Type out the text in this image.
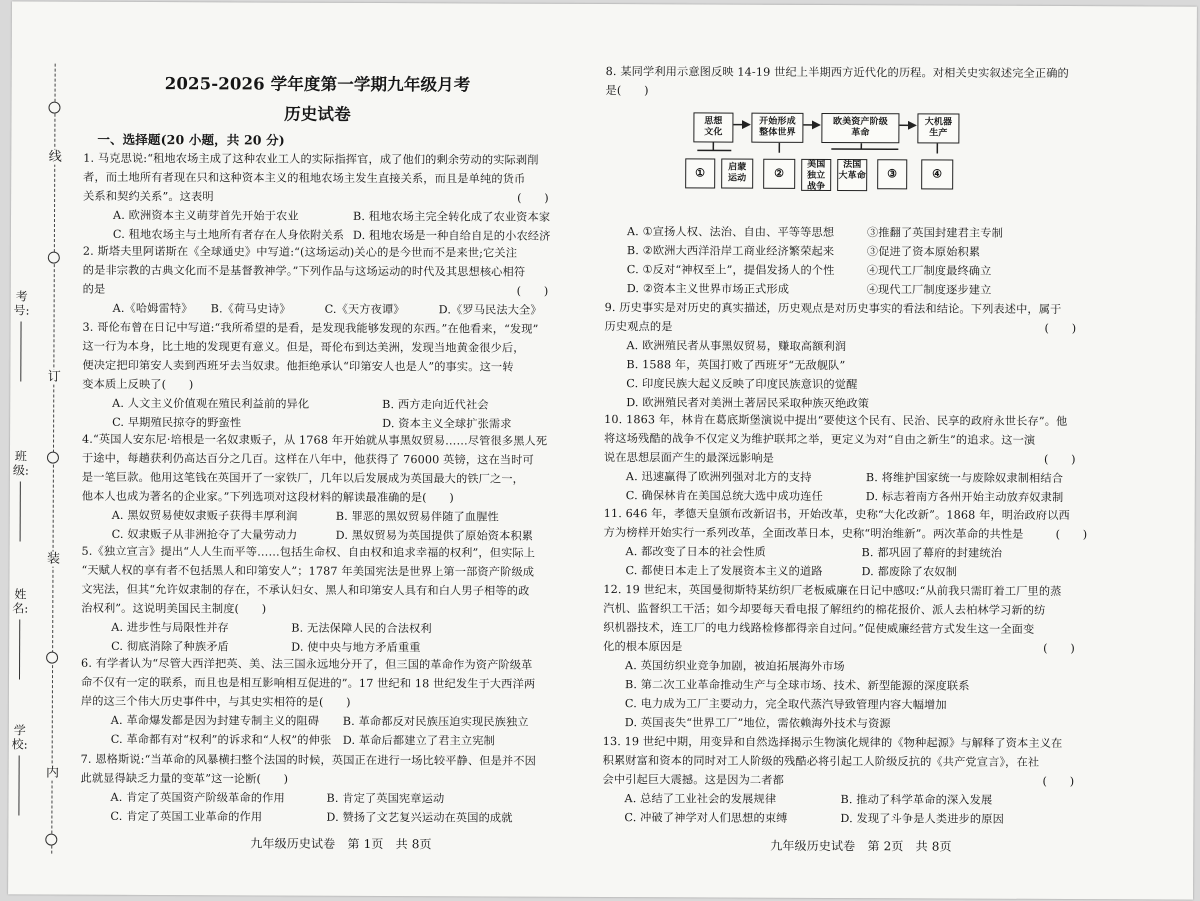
线
订
装
内
考号:
班级:
姓名:
学校:
2025-2026 学年度第一学期九年级月考
历史试卷
一、选择题(20 小题，共 20 分)

1. 马克思说:“租地农场主成了这种农业工人的实际指挥官，成了他们的剩余劳动的实际剥削
者，而土地所有者现在只和这种资本主义的租地农场主发生直接关系，而且是单纯的货币
关系和契约关系”。这表明	(　　)
A. 欧洲资本主义萌芽首先开始于农业	B. 租地农场主完全转化成了农业资本家
C. 租地农场主与土地所有者存在人身依附关系 D. 租地农场是一种自给自足的小农经济

2. 斯塔夫里阿诺斯在《全球通史》中写道:“(这场运动)关心的是今世而不是来世;它关注
的是非宗教的古典文化而不是基督教神学。”下列作品与这场运动的时代及其思想核心相符
的是	(　　)
A.《哈姆雷特》 B.《荷马史诗》	C.《天方夜谭》	D.《罗马民法大全》

3. 哥伦布曾在日记中写道:“我所希望的是看，是发现我能够发现的东西。”在他看来，“发现”
这一行为本身，比土地的发现更有意义。但是，哥伦布到达美洲，发现当地黄金很少后，
便决定把印第安人卖到西班牙去当奴隶。他拒绝承认“印第安人也是人”的事实。这一转
变本质上反映了(　　)

A. 人文主义价值观在殖民利益前的异化	B. 西方走向近代社会
C. 早期殖民掠夺的野蛮性	D. 资本主义全球扩张需求

4.“英国人安东尼·培根是一名奴隶贩子，从 1768 年开始就从事黑奴贸易……尽管很多黑人死
于途中，每趟获利仍高达百分之几百。这样在八年中，他获得了 76000 英镑，这在当时可
是一笔巨款。他用这笔钱在英国开了一家铁厂，几年以后发展成为英国最大的铁厂之一，
他本人也成为著名的企业家。”下列选项对这段材料的解读最准确的是(　　)

A. 黑奴贸易使奴隶贩子获得丰厚利润	B. 罪恶的黑奴贸易伴随了血腥性
C. 奴隶贩子从非洲抢夺了大量劳动力	D. 黑奴贸易为英国提供了原始资本积累

5.《独立宣言》提出“人人生而平等……包括生命权、自由权和追求幸福的权利”，但实际上
“天赋人权的享有者不包括黑人和印第安人”；1787 年美国宪法是世界上第一部资产阶级成
文宪法，但其“允许奴隶制的存在，不承认妇女、黑人和印第安人具有和白人男子相等的政
治权利”。这说明美国民主制度(　　)

A. 进步性与局限性并存	B. 无法保障人民的合法权利
C. 彻底消除了种族矛盾	D. 使中央与地方矛盾重重

6. 有学者认为“尽管大西洋把英、美、法三国永远地分开了，但三国的革命作为资产阶级革
命不仅有一定的联系，而且也是相互影响相互促进的”。17 世纪和 18 世纪发生于大西洋两
岸的这三个伟大历史事件中，与其史实相符的是(　　)

A. 革命爆发都是因为封建专制主义的阻碍 B. 革命都反对民族压迫实现民族独立
C. 革命都有对“权利”的诉求和“人权”的伸张 D. 革命后都建立了君主立宪制

7. 恩格斯说:“当革命的风暴横扫整个法国的时候，英国正在进行一场比较平静、但是并不因
此就显得缺乏力量的变革”这一论断(　　)

A. 肯定了英国资产阶级革命的作用	B. 肯定了英国宪章运动
C. 肯定了英国工业革命的作用	D. 赞扬了文艺复兴运动在英国的成就
九年级历史试卷　第 1页　共 8页

8. 某同学利用示意图反映 14-19 世纪上半期西方近代化的历程。对相关史实叙述完全正确的
是(　　)

思想
文化
开始形成
整体世界
欧美资产阶级
革命
大机器
生产
①	启蒙
运动	②
美国
独立
战争
法国
大革命	③	④
A. ①宣扬人权、法治、自由、平等等思想	③推翻了英国封建君主专制
B. ②欧洲大西洋沿岸工商业经济繁荣起来	③促进了资本原始积累
C. ①反对“神权至上”，提倡发扬人的个性	④现代工厂制度最终确立
D. ②资本主义世界市场正式形成	④现代工厂制度逐步建立

9. 历史事实是对历史的真实描述，历史观点是对历史事实的看法和结论。下列表述中，属于
历史观点的是	(　　)
A. 欧洲殖民者从事黑奴贸易，赚取高额利润
B. 1588 年，英国打败了西班牙“无敌舰队”
C. 印度民族大起义反映了印度民族意识的觉醒
D. 欧洲殖民者对美洲土著居民采取种族灭绝政策

10. 1863 年，林肯在葛底斯堡演说中提出“要使这个民有、民治、民享的政府永世长存”。他
将这场残酷的战争不仅定义为维护联邦之举，更定义为对“自由之新生”的追求。这一演
说在思想层面产生的最深远影响是	(　　)
A. 迅速赢得了欧洲列强对北方的支持	B. 将维护国家统一与废除奴隶制相结合
C. 确保林肯在美国总统大选中成功连任	D. 标志着南方各州开始主动放弃奴隶制

11. 646 年，孝德天皇颁布改新诏书，开始改革，史称“大化改新”。1868 年，明治政府以西
方为榜样开始实行一系列改革，全面改革日本，史称“明治维新”。两次革命的共性是	(　　)
A. 都改变了日本的社会性质	B. 都巩固了幕府的封建统治
C. 都使日本走上了发展资本主义的道路	D. 都废除了农奴制

12. 19 世纪末，英国曼彻斯特某纺织厂老板威廉在日记中感叹:“从前我只需盯着工厂里的蒸
汽机、监督织工干活；如今却要每天看电报了解纽约的棉花报价、派人去柏林学习新的纺
织机器技术，连工厂的电力线路检修都得亲自过问。”促使威廉经营方式发生这一全面变
化的根本原因是	(　　)
A. 英国纺织业竞争加剧，被迫拓展海外市场
B. 第二次工业革命推动生产与全球市场、技术、新型能源的深度联系
C. 电力成为工厂主要动力，完全取代蒸汽导致管理内容大幅增加
D. 英国丧失“世界工厂”地位，需依赖海外技术与资源

13. 19 世纪中期，用变异和自然选择揭示生物演化规律的《物种起源》与解释了资本主义在
积累财富和资本的同时对工人阶级的残酷必将引起工人阶级反抗的《共产党宣言》，在社
会中引起巨大震撼。这是因为二者都	(　　)
A. 总结了工业社会的发展规律	B. 推动了科学革命的深入发展
C. 冲破了神学对人们思想的束缚	D. 发现了斗争是人类进步的原因
九年级历史试卷　第 2页　共 8页
